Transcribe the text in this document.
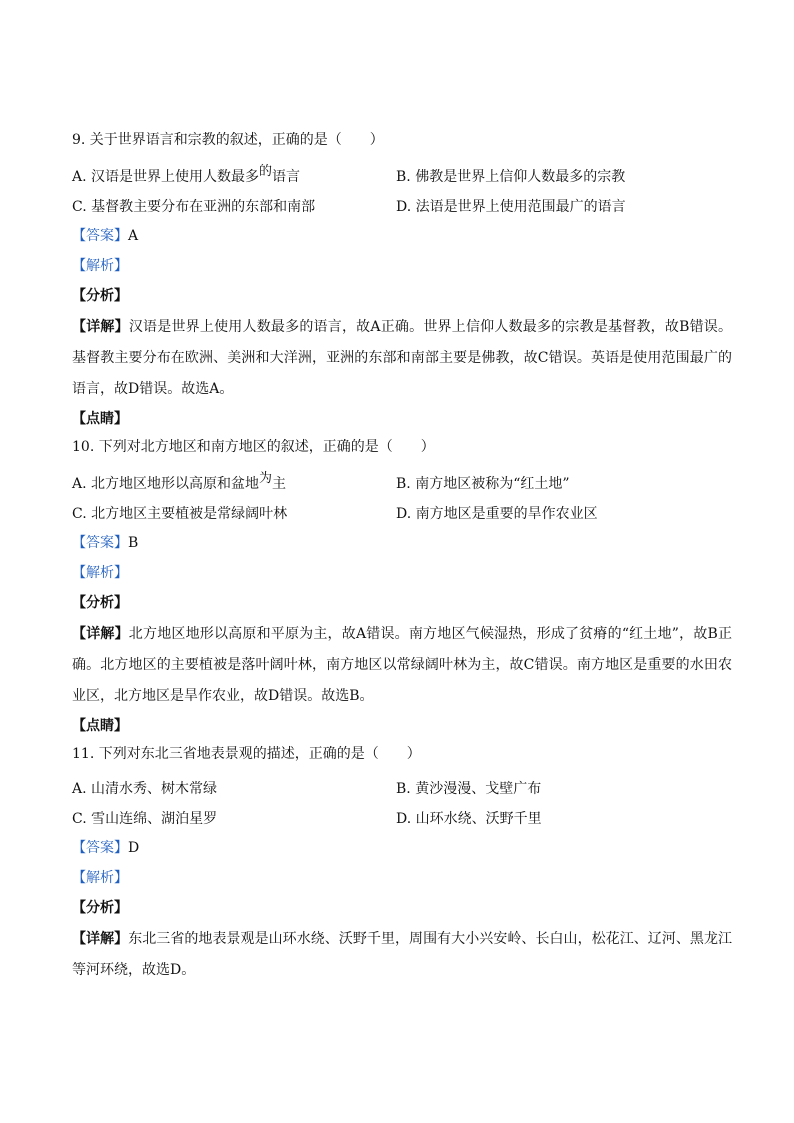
9. 关于世界语言和宗教的叙述，正确的是（　　）
A. 汉语是世界上使用人数最多的语言	B. 佛教是世界上信仰人数最多的宗教
C. 基督教主要分布在亚洲的东部和南部	D. 法语是世界上使用范围最广的语言
【答案】A
【解析】
【分析】
【详解】汉语是世界上使用人数最多的语言，故A正确。世界上信仰人数最多的宗教是基督教，故B错误。基督教主要分布在欧洲、美洲和大洋洲，亚洲的东部和南部主要是佛教，故C错误。英语是使用范围最广的语言，故D错误。故选A。
【点睛】
10. 下列对北方地区和南方地区的叙述，正确的是（　　）
A. 北方地区地形以高原和盆地为主	B. 南方地区被称为“红土地”
C. 北方地区主要植被是常绿阔叶林	D. 南方地区是重要的旱作农业区
【答案】B
【解析】
【分析】
【详解】北方地区地形以高原和平原为主，故A错误。南方地区气候湿热，形成了贫瘠的“红土地”，故B正确。北方地区的主要植被是落叶阔叶林，南方地区以常绿阔叶林为主，故C错误。南方地区是重要的水田农业区，北方地区是旱作农业，故D错误。故选B。
【点睛】
11. 下列对东北三省地表景观的描述，正确的是（　　）
A. 山清水秀、树木常绿	B. 黄沙漫漫、戈壁广布
C. 雪山连绵、湖泊星罗	D. 山环水绕、沃野千里
【答案】D
【解析】
【分析】
【详解】东北三省的地表景观是山环水绕、沃野千里，周围有大小兴安岭、长白山，松花江、辽河、黑龙江等河环绕，故选D。
